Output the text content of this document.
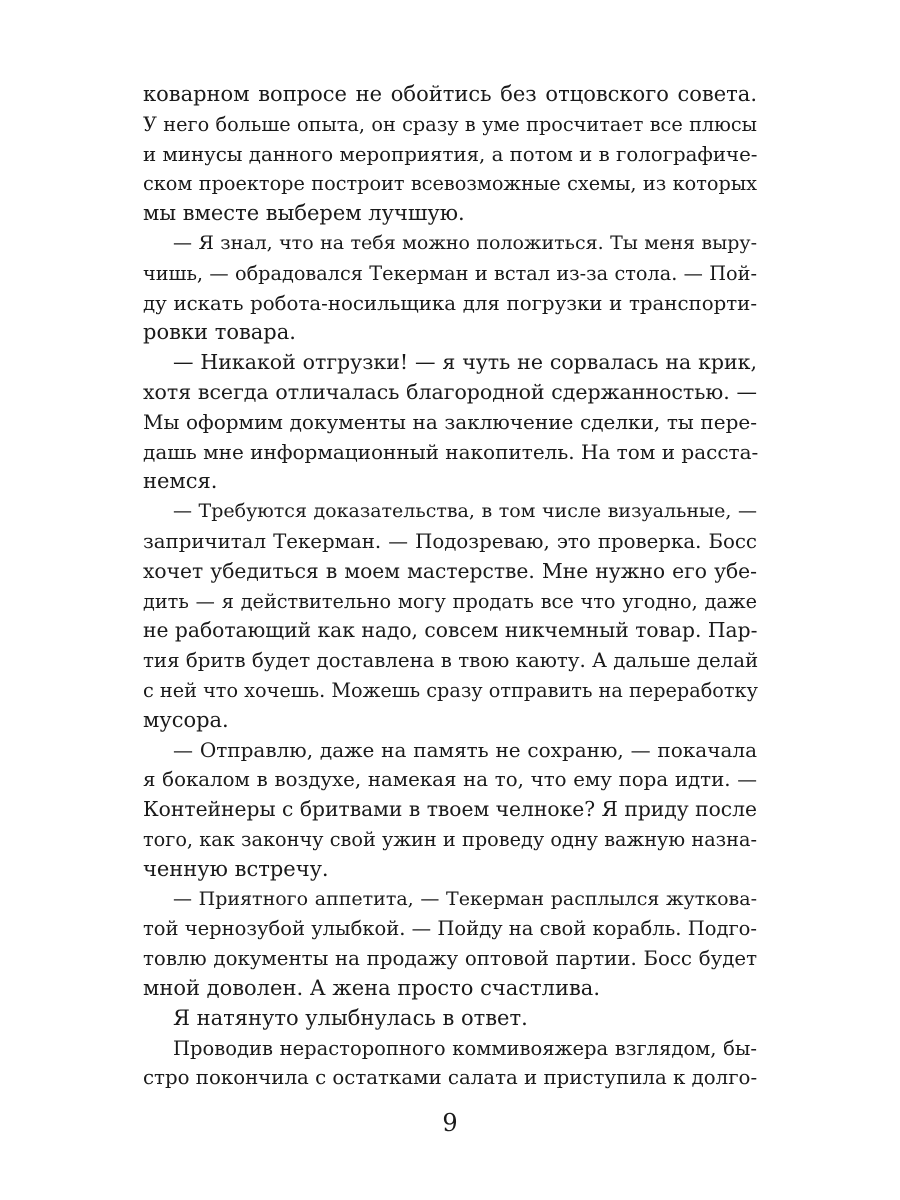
коварном вопросе не обойтись без отцовского совета.
У него больше опыта, он сразу в уме просчитает все плюсы
и минусы данного мероприятия, а потом и в голографиче-
ском проекторе построит всевозможные схемы, из которых
мы вместе выберем лучшую.
— Я знал, что на тебя можно положиться. Ты меня выру-
чишь, — обрадовался Текерман и встал из-за стола. — Пой-
ду искать робота-носильщика для погрузки и транспорти-
ровки товара.
— Никакой отгрузки! — я чуть не сорвалась на крик,
хотя всегда отличалась благородной сдержанностью. —
Мы оформим документы на заключение сделки, ты пере-
дашь мне информационный накопитель. На том и расста-
немся.
— Требуются доказательства, в том числе визуальные, —
запричитал Текерман. — Подозреваю, это проверка. Босс
хочет убедиться в моем мастерстве. Мне нужно его убе-
дить — я действительно могу продать все что угодно, даже
не работающий как надо, совсем никчемный товар. Пар-
тия бритв будет доставлена в твою каюту. А дальше делай
с ней что хочешь. Можешь сразу отправить на переработку
мусора.
— Отправлю, даже на память не сохраню, — покачала
я бокалом в воздухе, намекая на то, что ему пора идти. —
Контейнеры с бритвами в твоем челноке? Я приду после
того, как закончу свой ужин и проведу одну важную назна-
ченную встречу.
— Приятного аппетита, — Текерман расплылся жуткова-
той чернозубой улыбкой. — Пойду на свой корабль. Подго-
товлю документы на продажу оптовой партии. Босс будет
мной доволен. А жена просто счастлива.
Я натянуто улыбнулась в ответ.
Проводив нерасторопного коммивояжера взглядом, бы-
стро покончила с остатками салата и приступила к долго-
9
